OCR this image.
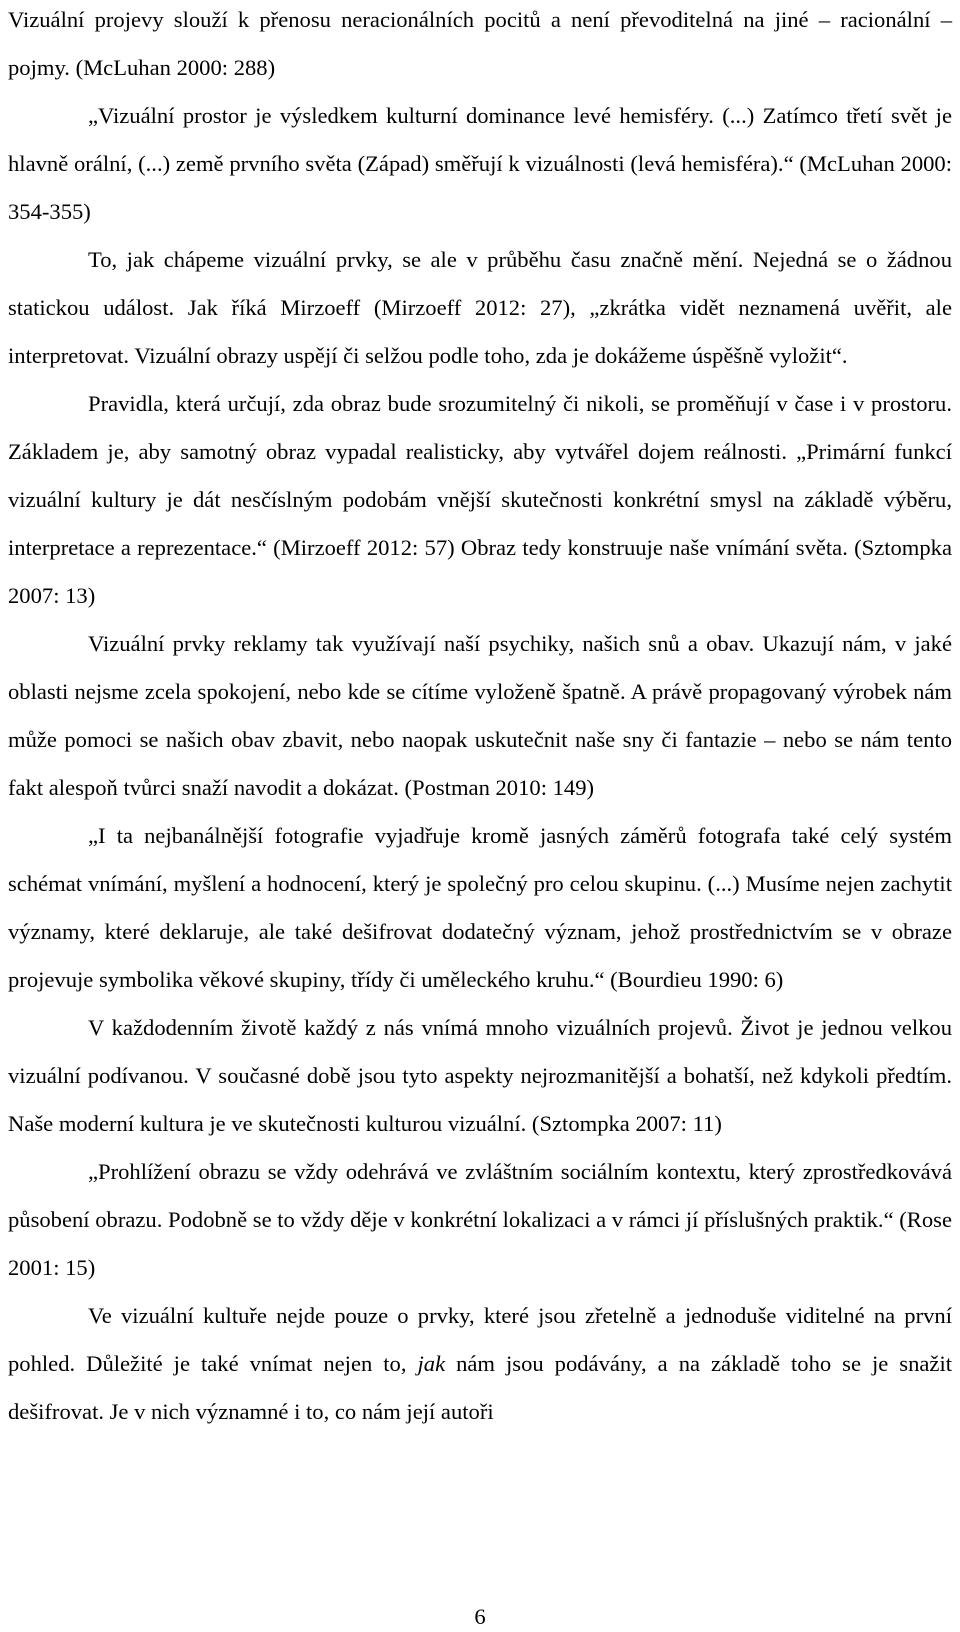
Vizuální projevy slouží k přenosu neracionálních pocitů a není převoditelná na jiné – racionální – pojmy. (McLuhan 2000: 288)

„Vizuální prostor je výsledkem kulturní dominance levé hemisféry. (...) Zatímco třetí svět je hlavně orální, (...) země prvního světa (Západ) směřují k vizuálnosti (levá hemisféra).“ (McLuhan 2000: 354-355)

To, jak chápeme vizuální prvky, se ale v průběhu času značně mění. Nejedná se o žádnou statickou událost. Jak říká Mirzoeff (Mirzoeff 2012: 27), „zkrátka vidět neznamená uvěřit, ale interpretovat. Vizuální obrazy uspějí či selžou podle toho, zda je dokážeme úspěšně vyložit“.

Pravidla, která určují, zda obraz bude srozumitelný či nikoli, se proměňují v čase i v prostoru. Základem je, aby samotný obraz vypadal realisticky, aby vytvářel dojem reálnosti. „Primární funkcí vizuální kultury je dát nesčíslným podobám vnější skutečnosti konkrétní smysl na základě výběru, interpretace a reprezentace.“ (Mirzoeff 2012: 57) Obraz tedy konstruuje naše vnímání světa. (Sztompka 2007: 13)

Vizuální prvky reklamy tak využívají naší psychiky, našich snů a obav. Ukazují nám, v jaké oblasti nejsme zcela spokojení, nebo kde se cítíme vyloženě špatně. A právě propagovaný výrobek nám může pomoci se našich obav zbavit, nebo naopak uskutečnit naše sny či fantazie – nebo se nám tento fakt alespoň tvůrci snaží navodit a dokázat. (Postman 2010: 149)

„I ta nejbanálnější fotografie vyjadřuje kromě jasných záměrů fotografa také celý systém schémat vnímání, myšlení a hodnocení, který je společný pro celou skupinu. (...) Musíme nejen zachytit významy, které deklaruje, ale také dešifrovat dodatečný význam, jehož prostřednictvím se v obraze projevuje symbolika věkové skupiny, třídy či uměleckého kruhu.“ (Bourdieu 1990: 6)

V každodenním životě každý z nás vnímá mnoho vizuálních projevů. Život je jednou velkou vizuální podívanou. V současné době jsou tyto aspekty nejrozmanitější a bohatší, než kdykoli předtím. Naše moderní kultura je ve skutečnosti kulturou vizuální. (Sztompka 2007: 11)

„Prohlížení obrazu se vždy odehrává ve zvláštním sociálním kontextu, který zprostředkovává působení obrazu. Podobně se to vždy děje v konkrétní lokalizaci a v rámci jí příslušných praktik.“ (Rose 2001: 15)

Ve vizuální kultuře nejde pouze o prvky, které jsou zřetelně a jednoduše viditelné na první pohled. Důležité je také vnímat nejen to, jak nám jsou podávány, a na základě toho se je snažit dešifrovat. Je v nich významné i to, co nám její autoři

6
